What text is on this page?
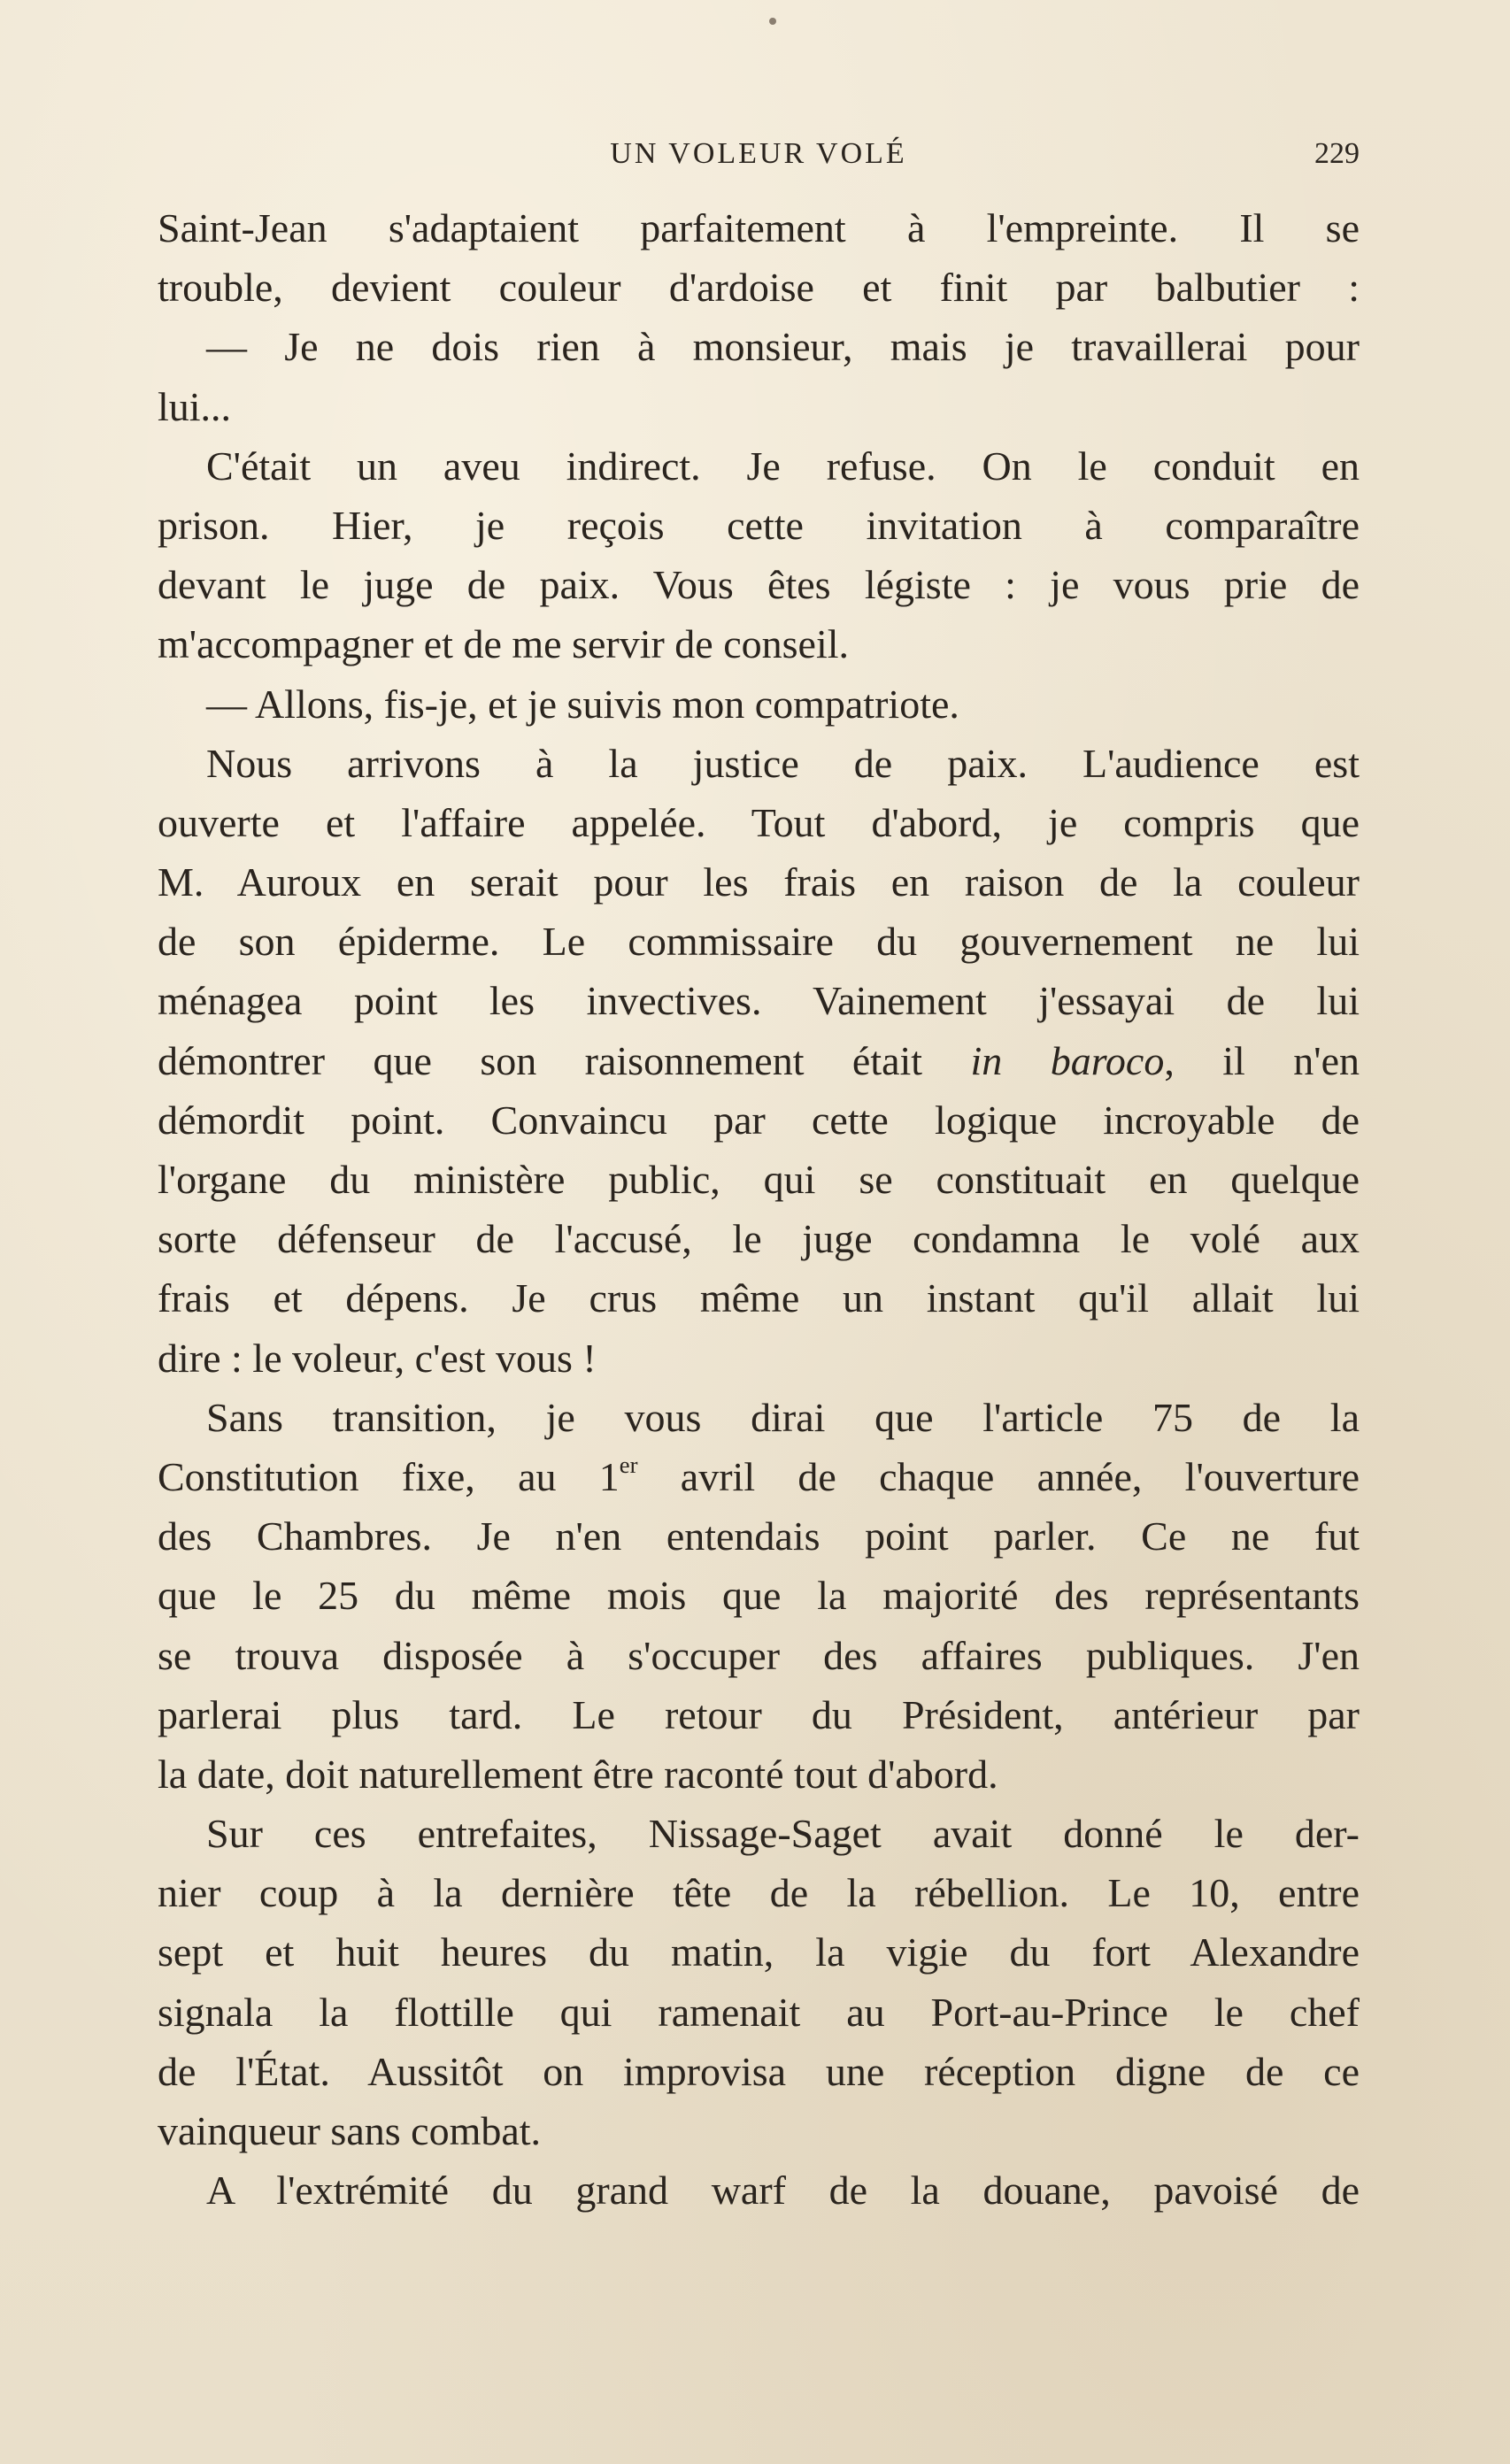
UN VOLEUR VOLÉ	229
Saint-Jean s'adaptaient parfaitement à l'empreinte. Il se
trouble, devient couleur d'ardoise et finit par balbutier :
— Je ne dois rien à monsieur, mais je travaillerai pour
lui...
C'était un aveu indirect. Je refuse. On le conduit en
prison. Hier, je reçois cette invitation à comparaître
devant le juge de paix. Vous êtes légiste : je vous prie de
m'accompagner et de me servir de conseil.
— Allons, fis-je, et je suivis mon compatriote.
Nous arrivons à la justice de paix. L'audience est
ouverte et l'affaire appelée. Tout d'abord, je compris que
M. Auroux en serait pour les frais en raison de la couleur
de son épiderme. Le commissaire du gouvernement ne lui
ménagea point les invectives. Vainement j'essayai de lui
démontrer que son raisonnement était in baroco, il n'en
démordit point. Convaincu par cette logique incroyable de
l'organe du ministère public, qui se constituait en quelque
sorte défenseur de l'accusé, le juge condamna le volé aux
frais et dépens. Je crus même un instant qu'il allait lui
dire : le voleur, c'est vous !
Sans transition, je vous dirai que l'article 75 de la
Constitution fixe, au 1er avril de chaque année, l'ouverture
des Chambres. Je n'en entendais point parler. Ce ne fut
que le 25 du même mois que la majorité des représentants
se trouva disposée à s'occuper des affaires publiques. J'en
parlerai plus tard. Le retour du Président, antérieur par
la date, doit naturellement être raconté tout d'abord.
Sur ces entrefaites, Nissage-Saget avait donné le der-
nier coup à la dernière tête de la rébellion. Le 10, entre
sept et huit heures du matin, la vigie du fort Alexandre
signala la flottille qui ramenait au Port-au-Prince le chef
de l'État. Aussitôt on improvisa une réception digne de ce
vainqueur sans combat.
A l'extrémité du grand warf de la douane, pavoisé de
